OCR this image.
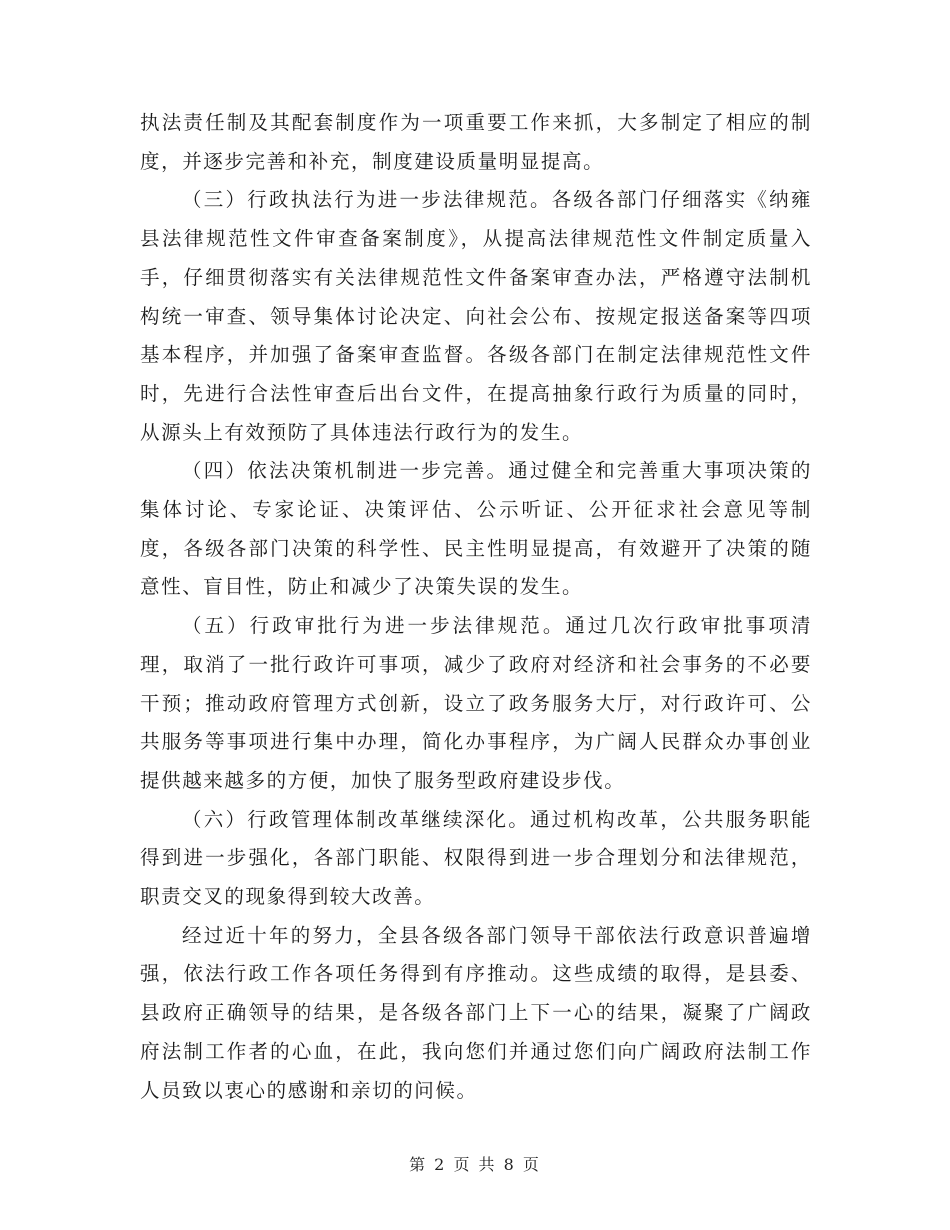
执法责任制及其配套制度作为一项重要工作来抓，大多制定了相应的制度，并逐步完善和补充，制度建设质量明显提高。

（三）行政执法行为进一步法律规范。各级各部门仔细落实《纳雍县法律规范性文件审查备案制度》，从提高法律规范性文件制定质量入手，仔细贯彻落实有关法律规范性文件备案审查办法，严格遵守法制机构统一审查、领导集体讨论决定、向社会公布、按规定报送备案等四项基本程序，并加强了备案审查监督。各级各部门在制定法律规范性文件时，先进行合法性审查后出台文件，在提高抽象行政行为质量的同时，从源头上有效预防了具体违法行政行为的发生。

（四）依法决策机制进一步完善。通过健全和完善重大事项决策的集体讨论、专家论证、决策评估、公示听证、公开征求社会意见等制度，各级各部门决策的科学性、民主性明显提高，有效避开了决策的随意性、盲目性，防止和减少了决策失误的发生。

（五）行政审批行为进一步法律规范。通过几次行政审批事项清理，取消了一批行政许可事项，减少了政府对经济和社会事务的不必要干预；推动政府管理方式创新，设立了政务服务大厅，对行政许可、公共服务等事项进行集中办理，简化办事程序，为广阔人民群众办事创业提供越来越多的方便，加快了服务型政府建设步伐。

（六）行政管理体制改革继续深化。通过机构改革，公共服务职能得到进一步强化，各部门职能、权限得到进一步合理划分和法律规范，职责交叉的现象得到较大改善。

经过近十年的努力，全县各级各部门领导干部依法行政意识普遍增强，依法行政工作各项任务得到有序推动。这些成绩的取得，是县委、县政府正确领导的结果，是各级各部门上下一心的结果，凝聚了广阔政府法制工作者的心血，在此，我向您们并通过您们向广阔政府法制工作人员致以衷心的感谢和亲切的问候。

第 2 页 共 8 页
